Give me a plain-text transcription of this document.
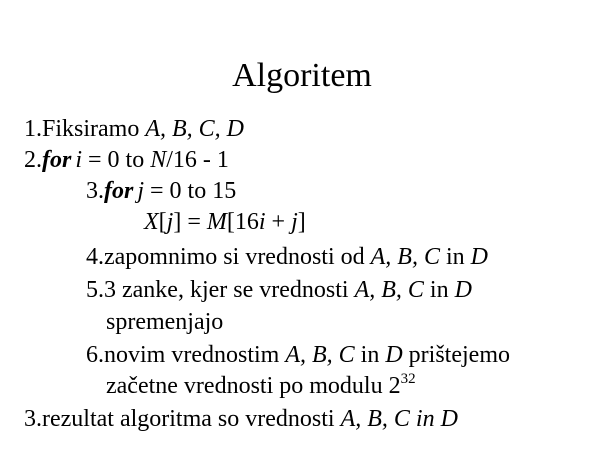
Algoritem
1.Fiksiramo A, B, C, D
2.for i = 0 to N/16 - 1
3.for j = 0 to 15
X[j] = M[16i + j]
4.zapomnimo si vrednosti od A, B, C in D
5.3 zanke, kjer se vrednosti A, B, C in D
spremenjajo
6.novim vrednostim A, B, C in D prištejemo
začetne vrednosti po modulu $2^{32}$
3.rezultat algoritma so vrednosti A, B, C in D
